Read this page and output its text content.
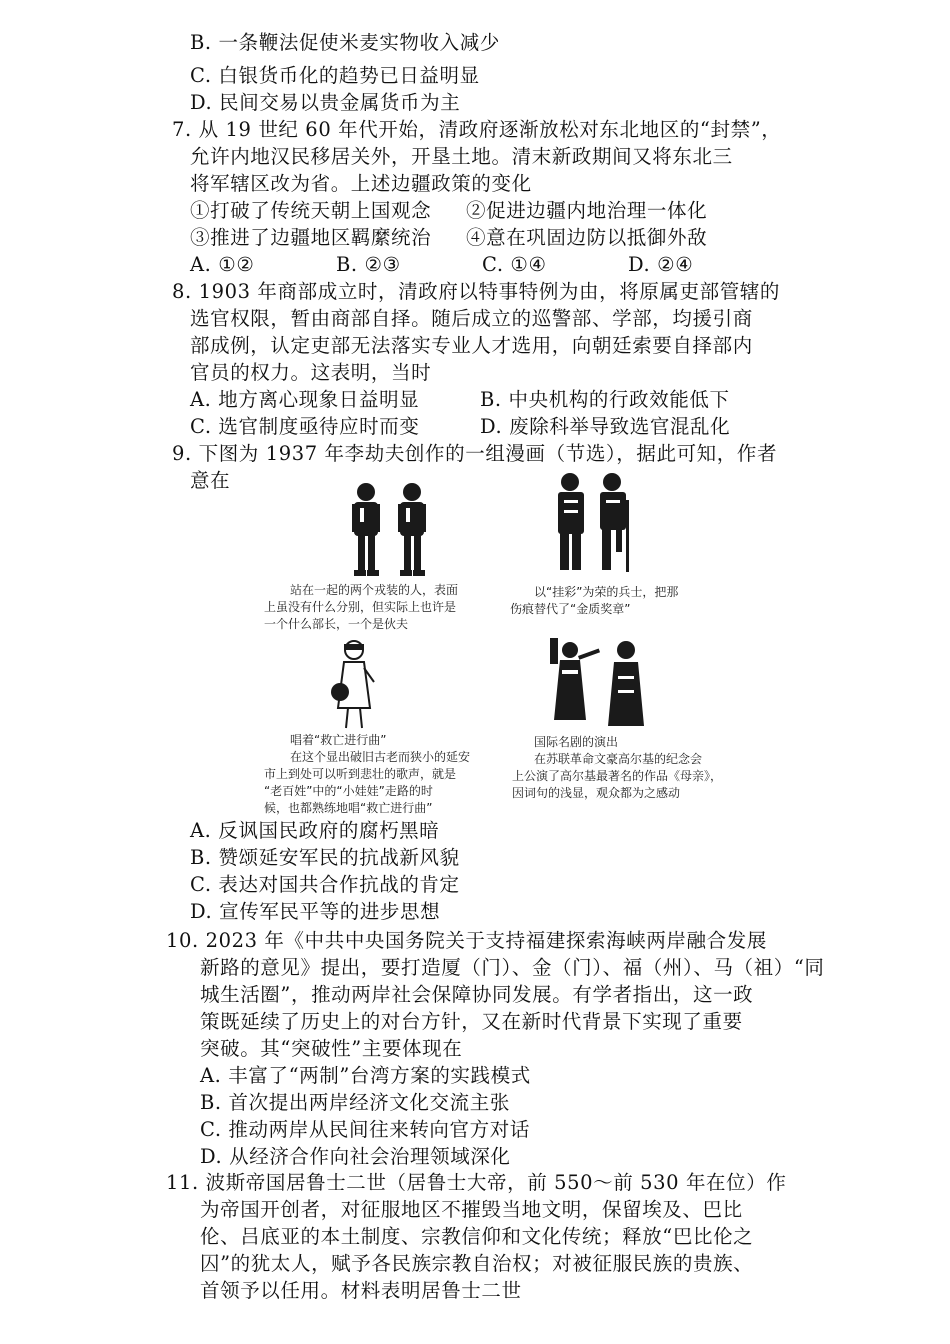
B. 一条鞭法促使米麦实物收入减少
C. 白银货币化的趋势已日益明显
D. 民间交易以贵金属货币为主
7. 从 19 世纪 60 年代开始，清政府逐渐放松对东北地区的“封禁”，
允许内地汉民移居关外，开垦土地。清末新政期间又将东北三
将军辖区改为省。上述边疆政策的变化
①打破了传统天朝上国观念 ②促进边疆内地治理一体化
③推进了边疆地区羁縻统治 ④意在巩固边防以抵御外敌
A. ①②	B. ②③	C. ①④	D. ②④
8. 1903 年商部成立时，清政府以特事特例为由，将原属吏部管辖的
选官权限，暂由商部自择。随后成立的巡警部、学部，均援引商
部成例，认定吏部无法落实专业人才选用，向朝廷索要自择部内
官员的权力。这表明，当时
A. 地方离心现象日益明显	B. 中央机构的行政效能低下
C. 选官制度亟待应时而变	D. 废除科举导致选官混乱化
9. 下图为 1937 年李劫夫创作的一组漫画（节选），据此可知，作者
意在
站在一起的两个戎装的人，表面
上虽没有什么分别，但实际上也许是
一个什么部长，一个是伙夫
以“挂彩”为荣的兵士，把那
伤痕替代了“金质奖章”
唱着“救亡进行曲”
在这个显出破旧古老而狭小的延安
市上到处可以听到悲壮的歌声，就是
“老百姓”中的“小娃娃”走路的时
候，也都熟练地唱“救亡进行曲”
国际名剧的演出
在苏联革命文豪高尔基的纪念会
上公演了高尔基最著名的作品《母亲》，
因词句的浅显，观众都为之感动
A. 反讽国民政府的腐朽黑暗
B. 赞颂延安军民的抗战新风貌
C. 表达对国共合作抗战的肯定
D. 宣传军民平等的进步思想
10. 2023 年《中共中央国务院关于支持福建探索海峡两岸融合发展
新路的意见》提出，要打造厦（门）、金（门）、福（州）、马（祖）“同
城生活圈”，推动两岸社会保障协同发展。有学者指出，这一政
策既延续了历史上的对台方针，又在新时代背景下实现了重要
突破。其“突破性”主要体现在
A. 丰富了“两制”台湾方案的实践模式
B. 首次提出两岸经济文化交流主张
C. 推动两岸从民间往来转向官方对话
D. 从经济合作向社会治理领域深化
11. 波斯帝国居鲁士二世（居鲁士大帝，前 550～前 530 年在位）作
为帝国开创者，对征服地区不摧毁当地文明，保留埃及、巴比
伦、吕底亚的本土制度、宗教信仰和文化传统；释放“巴比伦之
囚”的犹太人，赋予各民族宗教自治权；对被征服民族的贵族、
首领予以任用。材料表明居鲁士二世
